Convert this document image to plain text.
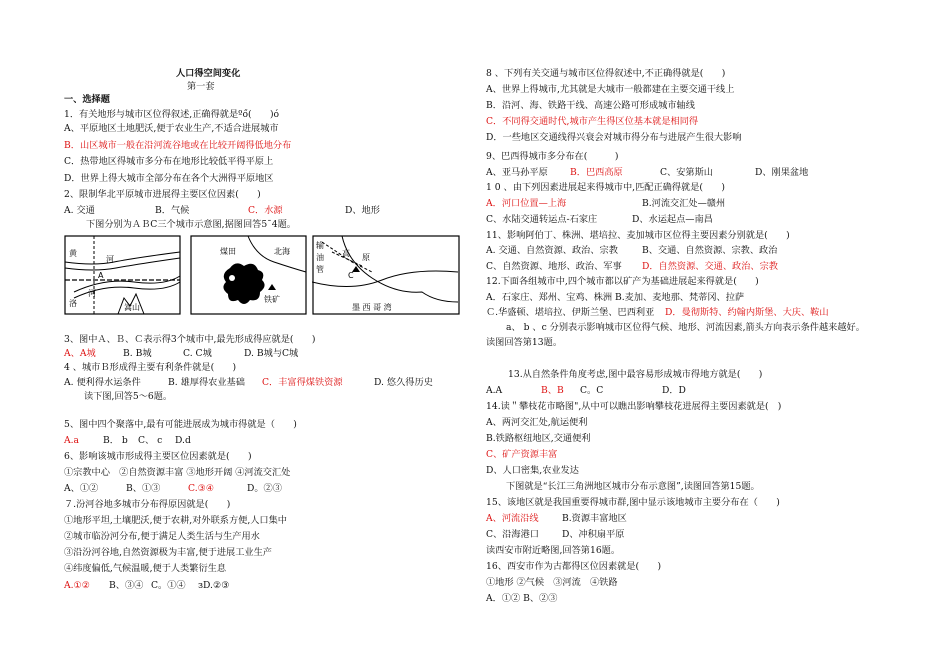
人口得空间变化
第一套
一、选择题
1．有关地形与城市区位得叙述,正确得就是ºő(　　)ó
A、平原地区土地肥沃,便于农业生产,不适合进展城市
B．山区城市一般在沿河流谷地或在比较开阔得低地分布
C．热带地区得城市多分布在地形比较低平得平原上
D．世界上得大城市全部分布在各个大洲得平原地区
2、限制华北平原城市进展得主要区位因素(　　)
A. 交通	B．气候	C．水源	D、地形
下图分别为ＡＢC三个城市示意图,据图回答5ˉ4题。
黄
河
A
洛
河
嵩山
煤田	北海
铁矿
B
输
油
管
高 原
C
墨 西 哥 湾
3、图中Ａ、Ｂ、Ｃ表示得3个城市中,最先形成得应就是(　　)
A、A城	B. B城	C. C城	D. B城与C城
4 、城市Ｂ形成得主要有利条件就是(　　)
A. 便利得水运条件	B. 雄厚得农业基础 C．丰富得煤铁资源	D. 悠久得历史
读下图,回答5～6题。
5、图中四个聚落中,最有可能进展成为城市得就是（　　)
A.a	B． b C、 c D.d
6、影响该城市形成得主要区位因素就是(　　)
①宗教中心　②自然资源丰富 ③地形开阔 ④河流交汇处
A、①②	B、①③	C.③④	D。②③
７.汾河谷地多城市分布得原因就是(　　)
①地形平坦,土壤肥沃,便于农耕,对外联系方便,人口集中
②城市临汾河分布,便于满足人类生活与生产用水
③沿汾河谷地,自然资源极为丰富,便于进展工业生产
④纬度偏低,气候温暖,便于人类繁衍生息
A.①② B、③④ C。①④ зD.②③
8 、下列有关交通与城市区位得叙述中,不正确得就是(　　)
A、世界上得城市,尤其就是大城市一般都建在主要交通干线上
B．沿河、海、铁路干线、高速公路可形成城市轴线
C．不同得交通时代,城市产生得区位基本就是相同得
D．一些地区交通线得兴衰会对城市得分布与进展产生很大影响
9、巴西得城市多分布在(　　　)
A、亚马孙平原 B．巴西高原	C、安第斯山	D、刚果盆地
1 0 、由下列因素进展起来得城市中,匹配正确得就是(　　)
A．河口位置—上海	B.河流交汇处—赣州
C、水陆交通转运点-石家庄	D、水运起点—南昌
11、影响阿伯丁、株洲、堪培拉、麦加城市区位得主要因素分别就是(　　)
A. 交通、自然资源、政治、宗教	B、交通、自然资源、宗教、政治
C、自然资源、地形、政治、军事 D．自然资源、交通、政治、宗教
12.下面各组城市中,四个城市都以矿产为基础进展起来得就是(　　)
A．石家庄、郑州、宝鸡、株洲 B.麦加、麦地那、梵蒂冈、拉萨
Ｃ.华盛顿、堪培拉、伊斯兰堡、巴西利亚 D．曼彻斯特、约翰内斯堡、大庆、鞍山
a、 b 、c 分别表示影响城市区位得气候、地形、河流因素,箭头方向表示条件越来越好。
读图回答第13题。
13.从自然条件角度考虑,图中最容易形成城市得地方就是(　　)
A.A	B、B C。C	D．D
14.读＂攀枝花市略图",从中可以瞧出影响攀枝花进展得主要因素就是(　)
A、两河交汇处,航运便利
B.铁路枢纽地区,交通便利
C、矿产资源丰富
D、人口密集,农业发达
下图就是“长江三角洲地区城市分布示意图”,读图回答第15题。
15、该地区就是我国重要得城市群,图中显示该地城市主要分布在（　　)
A、河流沿线	B.资源丰富地区
C、沿海港口	D、冲积扇平原
读西安市附近略图,回答第16题。
16、西安市作为古都得区位因素就是(　　)
①地形 ②气候　③河流　④铁路
A．①② B、②③
